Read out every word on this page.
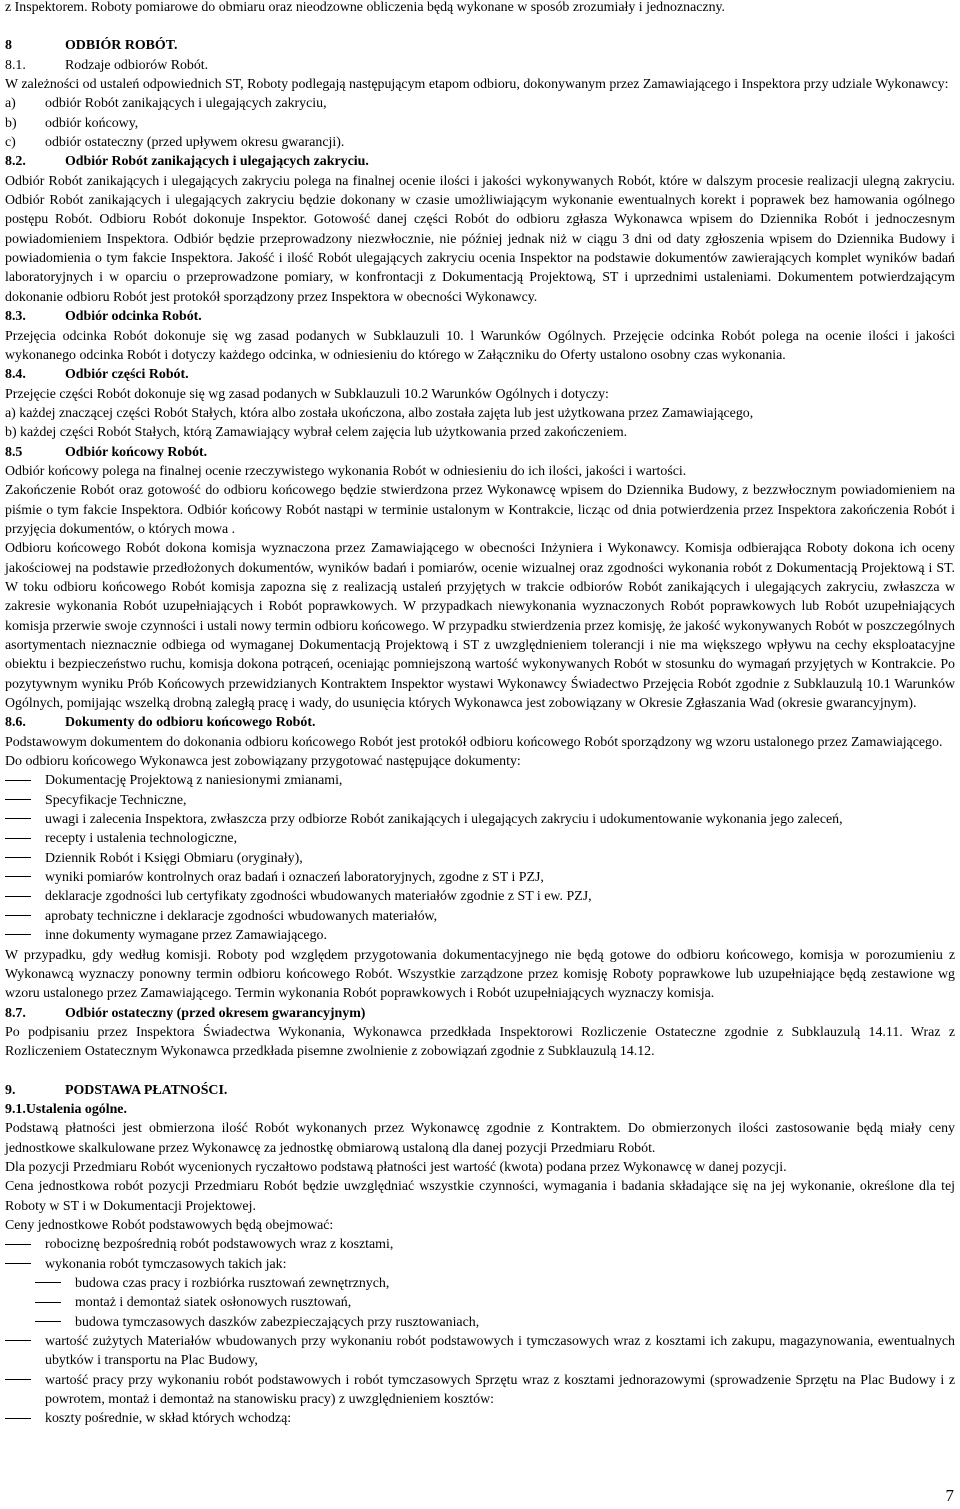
z Inspektorem. Roboty pomiarowe do obmiaru oraz nieodzowne obliczenia będą wykonane w sposób zrozumiały i jednoznaczny.

8	ODBIÓR ROBÓT.
8.1.	Rodzaje odbiorów Robót.

W zależności od ustaleń odpowiednich ST, Roboty podlegają następującym etapom odbioru, dokonywanym przez Zamawiającego i Inspektora przy udziale Wykonawcy:

a)	odbiór Robót zanikających i ulegających zakryciu,
b)	odbiór końcowy,
c)	odbiór ostateczny (przed upływem okresu gwarancji).
8.2.	Odbiór Robót zanikających i ulegających zakryciu.

Odbiór Robót zanikających i ulegających zakryciu polega na finalnej ocenie ilości i jakości wykonywanych Robót, które w dalszym procesie realizacji ulegną zakryciu. Odbiór Robót zanikających i ulegających zakryciu będzie dokonany w czasie umożliwiającym wykonanie ewentualnych korekt i poprawek bez hamowania ogólnego postępu Robót. Odbioru Robót dokonuje Inspektor. Gotowość danej części Robót do odbioru zgłasza Wykonawca wpisem do Dziennika Robót i jednoczesnym powiadomieniem Inspektora. Odbiór będzie przeprowadzony niezwłocznie, nie później jednak niż w ciągu 3 dni od daty zgłoszenia wpisem do Dziennika Budowy i powiadomienia o tym fakcie Inspektora. Jakość i ilość Robót ulegających zakryciu ocenia Inspektor na podstawie dokumentów zawierających komplet wyników badań laboratoryjnych i w oparciu o przeprowadzone pomiary, w konfrontacji z Dokumentacją Projektową, ST i uprzednimi ustaleniami. Dokumentem potwierdzającym dokonanie odbioru Robót jest protokół sporządzony przez Inspektora w obecności Wykonawcy.

8.3.	Odbiór odcinka Robót.

Przejęcia odcinka Robót dokonuje się wg zasad podanych w Subklauzuli 10. l Warunków Ogólnych. Przejęcie odcinka Robót polega na ocenie ilości i jakości wykonanego odcinka Robót i dotyczy każdego odcinka, w odniesieniu do którego w Załączniku do Oferty ustalono osobny czas wykonania.

8.4.	Odbiór części Robót.

Przejęcie części Robót dokonuje się wg zasad podanych w Subklauzuli 10.2 Warunków Ogólnych i dotyczy:

a) każdej znaczącej części Robót Stałych, która albo została ukończona, albo została zajęta lub jest użytkowana przez Zamawiającego,

b) każdej części Robót Stałych, którą Zamawiający wybrał celem zajęcia lub użytkowania przed zakończeniem.

8.5	Odbiór końcowy Robót.

Odbiór końcowy polega na finalnej ocenie rzeczywistego wykonania Robót w odniesieniu do ich ilości, jakości i wartości.

Zakończenie Robót oraz gotowość do odbioru końcowego będzie stwierdzona przez Wykonawcę wpisem do Dziennika Budowy, z bezzwłocznym powiadomieniem na piśmie o tym fakcie Inspektora. Odbiór końcowy Robót nastąpi w terminie ustalonym w Kontrakcie, licząc od dnia potwierdzenia przez Inspektora zakończenia Robót i przyjęcia dokumentów, o których mowa .

Odbioru końcowego Robót dokona komisja wyznaczona przez Zamawiającego w obecności Inżyniera i Wykonawcy. Komisja odbierająca Roboty dokona ich oceny jakościowej na podstawie przedłożonych dokumentów, wyników badań i pomiarów, ocenie wizualnej oraz zgodności wykonania robót z Dokumentacją Projektową i ST. W toku odbioru końcowego Robót komisja zapozna się z realizacją ustaleń przyjętych w trakcie odbiorów Robót zanikających i ulegających zakryciu, zwłaszcza w zakresie wykonania Robót uzupełniających i Robót poprawkowych. W przypadkach niewykonania wyznaczonych Robót poprawkowych lub Robót uzupełniających komisja przerwie swoje czynności i ustali nowy termin odbioru końcowego. W przypadku stwierdzenia przez komisję, że jakość wykonywanych Robót w poszczególnych asortymentach nieznacznie odbiega od wymaganej Dokumentacją Projektową i ST z uwzględnieniem tolerancji i nie ma większego wpływu na cechy eksploatacyjne obiektu i bezpieczeństwo ruchu, komisja dokona potrąceń, oceniając pomniejszoną wartość wykonywanych Robót w stosunku do wymagań przyjętych w Kontrakcie. Po pozytywnym wyniku Prób Końcowych przewidzianych Kontraktem Inspektor wystawi Wykonawcy Świadectwo Przejęcia Robót zgodnie z Subklauzulą 10.1 Warunków Ogólnych, pomijając wszelką drobną zaległą pracę i wady, do usunięcia których Wykonawca jest zobowiązany w Okresie Zgłaszania Wad (okresie gwarancyjnym).

8.6.	Dokumenty do odbioru końcowego Robót.

Podstawowym dokumentem do dokonania odbioru końcowego Robót jest protokół odbioru końcowego Robót sporządzony wg wzoru ustalonego przez Zamawiającego.

Do odbioru końcowego Wykonawca jest zobowiązany przygotować następujące dokumenty:

Dokumentację Projektową z naniesionymi zmianami,
Specyfikacje Techniczne,
uwagi i zalecenia Inspektora, zwłaszcza przy odbiorze Robót zanikających i ulegających zakryciu i udokumentowanie wykonania jego zaleceń,
recepty i ustalenia technologiczne,
Dziennik Robót i Księgi Obmiaru (oryginały),
wyniki pomiarów kontrolnych oraz badań i oznaczeń laboratoryjnych, zgodne z ST i PZJ,
deklaracje zgodności lub certyfikaty zgodności wbudowanych materiałów zgodnie z ST i ew. PZJ,
aprobaty techniczne i deklaracje zgodności wbudowanych materiałów,
inne dokumenty wymagane przez Zamawiającego.

W przypadku, gdy według komisji. Roboty pod względem przygotowania dokumentacyjnego nie będą gotowe do odbioru końcowego, komisja w porozumieniu z Wykonawcą wyznaczy ponowny termin odbioru końcowego Robót. Wszystkie zarządzone przez komisję Roboty poprawkowe lub uzupełniające będą zestawione wg wzoru ustalonego przez Zamawiającego. Termin wykonania Robót poprawkowych i Robót uzupełniających wyznaczy komisja.

8.7.	Odbiór ostateczny (przed okresem gwarancyjnym)

Po podpisaniu przez Inspektora Świadectwa Wykonania, Wykonawca przedkłada Inspektorowi Rozliczenie Ostateczne zgodnie z Subklauzulą 14.11. Wraz z Rozliczeniem Ostatecznym Wykonawca przedkłada pisemne zwolnienie z zobowiązań zgodnie z Subklauzulą 14.12.

9.	PODSTAWA PŁATNOŚCI.
9.1.Ustalenia ogólne.

Podstawą płatności jest obmierzona ilość Robót wykonanych przez Wykonawcę zgodnie z Kontraktem. Do obmierzonych ilości zastosowanie będą miały ceny jednostkowe skalkulowane przez Wykonawcę za jednostkę obmiarową ustaloną dla danej pozycji Przedmiaru Robót.

Dla pozycji Przedmiaru Robót wycenionych ryczałtowo podstawą płatności jest wartość (kwota) podana przez Wykonawcę w danej pozycji.

Cena jednostkowa robót pozycji Przedmiaru Robót będzie uwzględniać wszystkie czynności, wymagania i badania składające się na jej wykonanie, określone dla tej Roboty w ST i w Dokumentacji Projektowej.

Ceny jednostkowe Robót podstawowych będą obejmować:

robociznę bezpośrednią robót podstawowych wraz z kosztami,
wykonania robót tymczasowych takich jak:
budowa czas pracy i rozbiórka rusztowań zewnętrznych,
montaż i demontaż siatek osłonowych rusztowań,
budowa tymczasowych daszków zabezpieczających przy rusztowaniach,
wartość zużytych Materiałów wbudowanych przy wykonaniu robót podstawowych i tymczasowych wraz z kosztami ich zakupu, magazynowania, ewentualnych ubytków i transportu na Plac Budowy,
wartość pracy przy wykonaniu robót podstawowych i robót tymczasowych Sprzętu wraz z kosztami jednorazowymi (sprowadzenie Sprzętu na Plac Budowy i z powrotem, montaż i demontaż na stanowisku pracy) z uwzględnieniem kosztów:
koszty pośrednie, w skład których wchodzą:
7
